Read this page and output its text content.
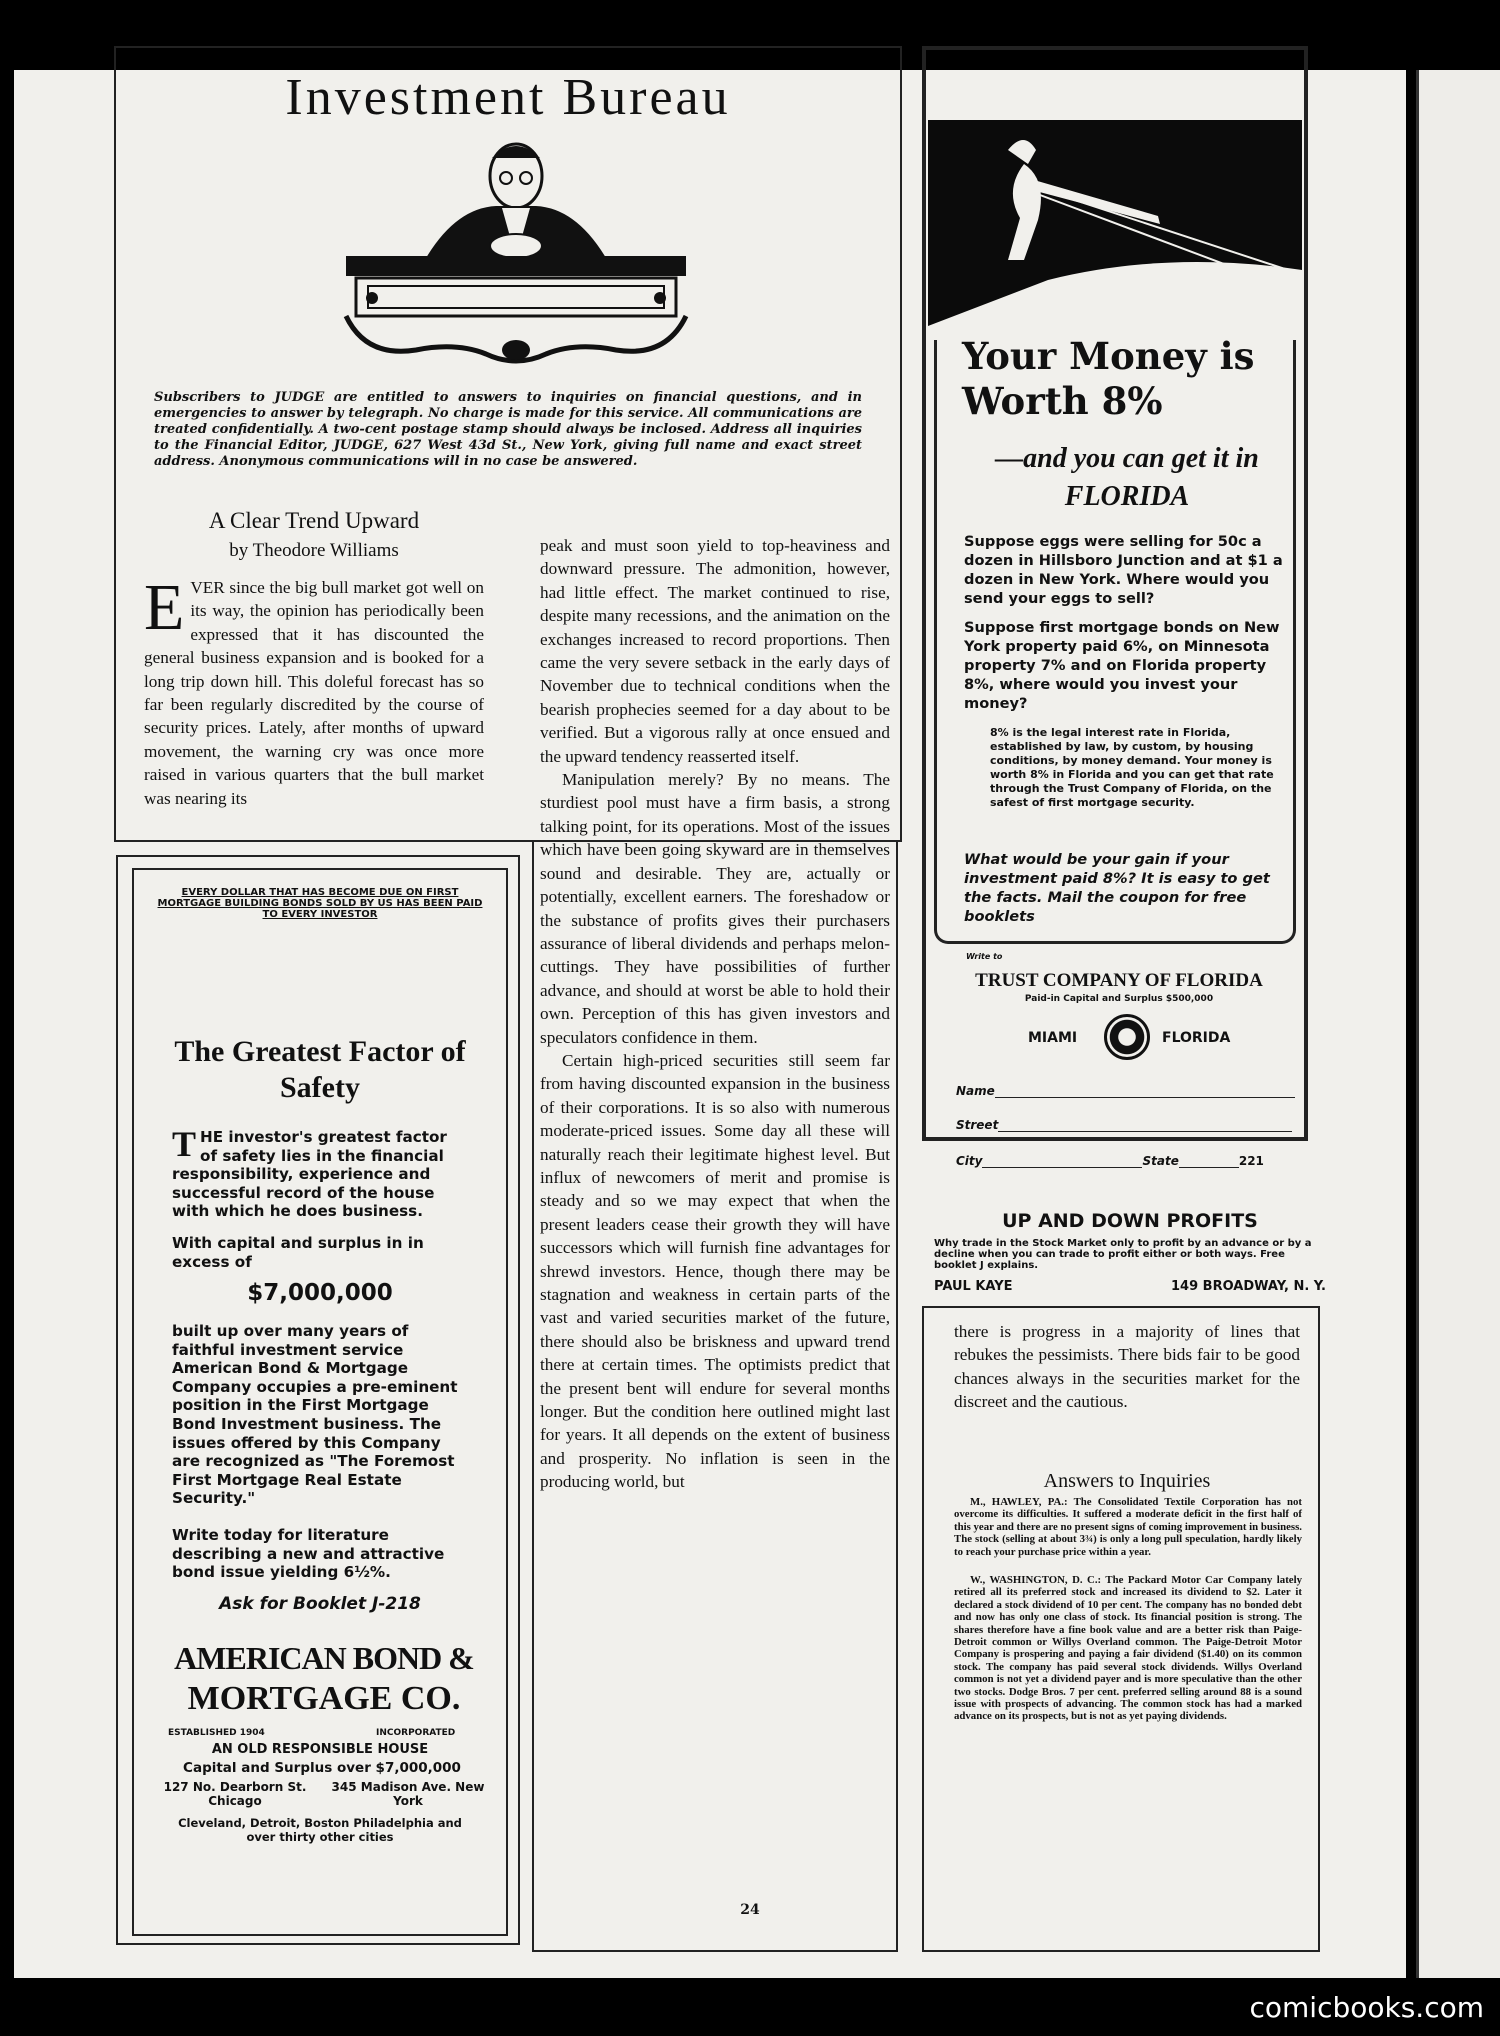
Investment Bureau
Subscribers to JUDGE are entitled to answers to inquiries on financial questions, and in emergencies to answer by telegraph. No charge is made for this service. All communications are treated confidentially. A two-cent postage stamp should always be inclosed. Address all inquiries to the Financial Editor, JUDGE, 627 West 43d St., New York, giving full name and exact street address. Anonymous communications will in no case be answered.
A Clear Trend Upward
by Theodore Williams
EVER since the big bull market got well on its way, the opinion has periodically been expressed that it has discounted the general business expansion and is booked for a long trip down hill. This doleful forecast has so far been regularly discredited by the course of security prices. Lately, after months of upward movement, the warning cry was once more raised in various quarters that the bull market was nearing its

peak and must soon yield to top-heaviness and downward pressure. The admonition, however, had little effect. The market continued to rise, despite many recessions, and the animation on the exchanges increased to record proportions. Then came the very severe setback in the early days of November due to technical conditions when the bearish prophecies seemed for a day about to be verified. But a vigorous rally at once ensued and the upward tendency reasserted itself.

Manipulation merely? By no means. The sturdiest pool must have a firm basis, a strong talking point, for its operations. Most of the issues which have been going skyward are in themselves sound and desirable. They are, actually or potentially, excellent earners. The foreshadow or the substance of profits gives their purchasers assurance of liberal dividends and perhaps melon-cuttings. They have possibilities of further advance, and should at worst be able to hold their own. Perception of this has given investors and speculators confidence in them.

Certain high-priced securities still seem far from having discounted expansion in the business of their corporations. It is so also with numerous moderate-priced issues. Some day all these will naturally reach their legitimate highest level. But influx of newcomers of merit and promise is steady and so we may expect that when the present leaders cease their growth they will have successors which will furnish fine advantages for shrewd investors. Hence, though there may be stagnation and weakness in certain parts of the vast and varied securities market of the future, there should also be briskness and upward trend there at certain times. The optimists predict that the present bent will endure for several months longer. But the condition here outlined might last for years. It all depends on the extent of business and prosperity. No inflation is seen in the producing world, but

EVERY DOLLAR THAT HAS BECOME DUE ON FIRST MORTGAGE BUILDING BONDS SOLD BY US HAS BEEN PAID TO EVERY INVESTOR
The Greatest Factor of Safety
THE investor's greatest factor of safety lies in the financial responsibility, experience and successful record of the house with which he does business.
With capital and surplus in in excess of
$7,000,000
built up over many years of faithful investment service American Bond & Mortgage Company occupies a pre-eminent position in the First Mortgage Bond Investment business. The issues offered by this Company are recognized as "The Foremost First Mortgage Real Estate Security."
Write today for literature describing a new and attractive bond issue yielding 6½%.
Ask for Booklet J-218
AMERICAN BOND &
MORTGAGE CO.
ESTABLISHED 1904	INCORPORATED
AN OLD RESPONSIBLE HOUSE
Capital and Surplus over $7,000,000
127 No. Dearborn St. Chicago
345 Madison Ave. New York
Cleveland, Detroit, Boston Philadelphia and over thirty other cities
Your Money is Worth 8%
—and you can get it in FLORIDA
Suppose eggs were selling for 50c a dozen in Hillsboro Junction and at $1 a dozen in New York. Where would you send your eggs to sell?
Suppose first mortgage bonds on New York property paid 6%, on Minnesota property 7% and on Florida property 8%, where would you invest your money?
8% is the legal interest rate in Florida, established by law, by custom, by housing conditions, by money demand. Your money is worth 8% in Florida and you can get that rate through the Trust Company of Florida, on the safest of first mortgage security.
What would be your gain if your investment paid 8%? It is easy to get the facts. Mail the coupon for free booklets
Write to
TRUST COMPANY OF FLORIDA
Paid-in Capital and Surplus $500,000
MIAMI	FLORIDA
Name
Street
City	State	221
UP AND DOWN PROFITS
Why trade in the Stock Market only to profit by an advance or by a decline when you can trade to profit either or both ways. Free booklet J explains.
PAUL KAYE	149 BROADWAY, N. Y.
there is progress in a majority of lines that rebukes the pessimists. There bids fair to be good chances always in the securities market for the discreet and the cautious.
Answers to Inquiries
M., HAWLEY, PA.: The Consolidated Textile Corporation has not overcome its difficulties. It suffered a moderate deficit in the first half of this year and there are no present signs of coming improvement in business. The stock (selling at about 3¾) is only a long pull speculation, hardly likely to reach your purchase price within a year.
W., WASHINGTON, D. C.: The Packard Motor Car Company lately retired all its preferred stock and increased its dividend to $2. Later it declared a stock dividend of 10 per cent. The company has no bonded debt and now has only one class of stock. Its financial position is strong. The shares therefore have a fine book value and are a better risk than Paige-Detroit common or Willys Overland common. The Paige-Detroit Motor Company is prospering and paying a fair dividend ($1.40) on its common stock. The company has paid several stock dividends. Willys Overland common is not yet a dividend payer and is more speculative than the other two stocks. Dodge Bros. 7 per cent. preferred selling around 88 is a sound issue with prospects of advancing. The common stock has had a marked advance on its prospects, but is not as yet paying dividends.
24
comicbooks.com
